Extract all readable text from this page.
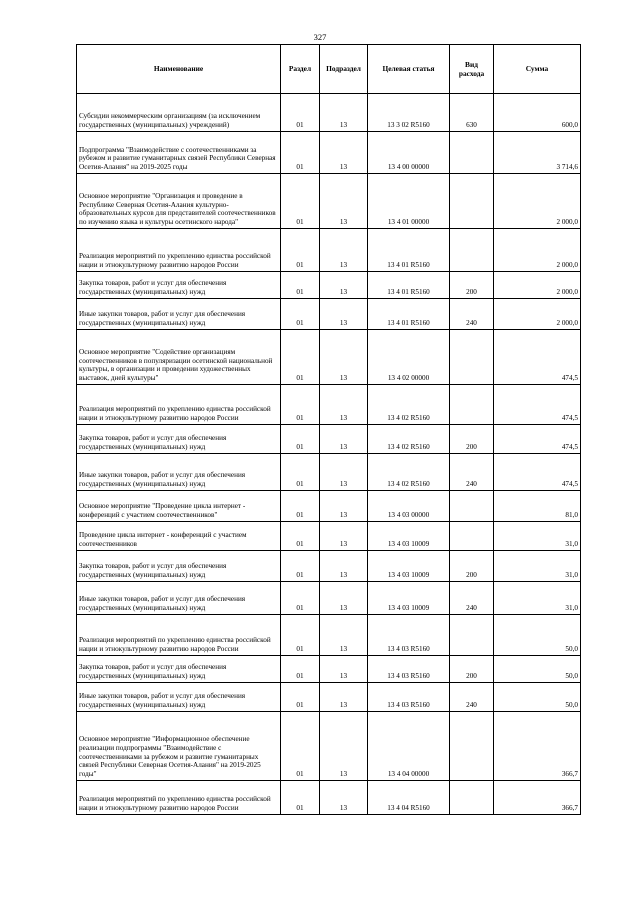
327
Наименование	Раздел	Подраздел	Целевая статья	Вид расхода	Сумма
Субсидии некоммерческим организациям (за исключением государственных (муниципальных) учреждений)	01	13	13 3 02 R5160	630	600,0
Подпрограмма "Взаимодействие с соотечественниками за рубежом и развитие гуманитарных связей Республики Северная Осетия-Алания" на 2019-2025 годы	01	13	13 4 00 00000		3 714,6
Основное мероприятие "Организация и проведение в Республике Северная Осетия-Алания культурно-образовательных курсов для представителей соотечественников по изучению языка и культуры осетинского народа"	01	13	13 4 01 00000		2 000,0
Реализация мероприятий по укреплению единства российской нации и этнокультурному развитию народов России	01	13	13 4 01 R5160		2 000,0
Закупка товаров, работ и услуг для обеспечения государственных (муниципальных) нужд	01	13	13 4 01 R5160	200	2 000,0
Иные закупки товаров, работ и услуг для обеспечения государственных (муниципальных) нужд	01	13	13 4 01 R5160	240	2 000,0
Основное мероприятие "Содействие организациям соотечественников в популяризации осетинской национальной культуры, в организации и проведении художественных выставок, дней культуры"	01	13	13 4 02 00000		474,5
Реализация мероприятий по укреплению единства российской нации и этнокультурному развитию народов России	01	13	13 4 02 R5160		474,5
Закупка товаров, работ и услуг для обеспечения государственных (муниципальных) нужд	01	13	13 4 02 R5160	200	474,5
Иные закупки товаров, работ и услуг для обеспечения государственных (муниципальных) нужд	01	13	13 4 02 R5160	240	474,5
Основное мероприятие "Проведение цикла интернет - конференций с участием соотечественников"	01	13	13 4 03 00000		81,0
Проведение цикла интернет - конференций с участием соотечественников	01	13	13 4 03 10009		31,0
Закупка товаров, работ и услуг для обеспечения государственных (муниципальных) нужд	01	13	13 4 03 10009	200	31,0
Иные закупки товаров, работ и услуг для обеспечения государственных (муниципальных) нужд	01	13	13 4 03 10009	240	31,0
Реализация мероприятий по укреплению единства российской нации и этнокультурному развитию народов России	01	13	13 4 03 R5160		50,0
Закупка товаров, работ и услуг для обеспечения государственных (муниципальных) нужд	01	13	13 4 03 R5160	200	50,0
Иные закупки товаров, работ и услуг для обеспечения государственных (муниципальных) нужд	01	13	13 4 03 R5160	240	50,0
Основное мероприятие "Информационное обеспечение реализации подпрограммы "Взаимодействие с соотечественниками за рубежом и развитие гуманитарных связей Республики Северная Осетия-Алания" на 2019-2025 годы"	01	13	13 4 04 00000		366,7
Реализация мероприятий по укреплению единства российской нации и этнокультурному развитию народов России	01	13	13 4 04 R5160		366,7
